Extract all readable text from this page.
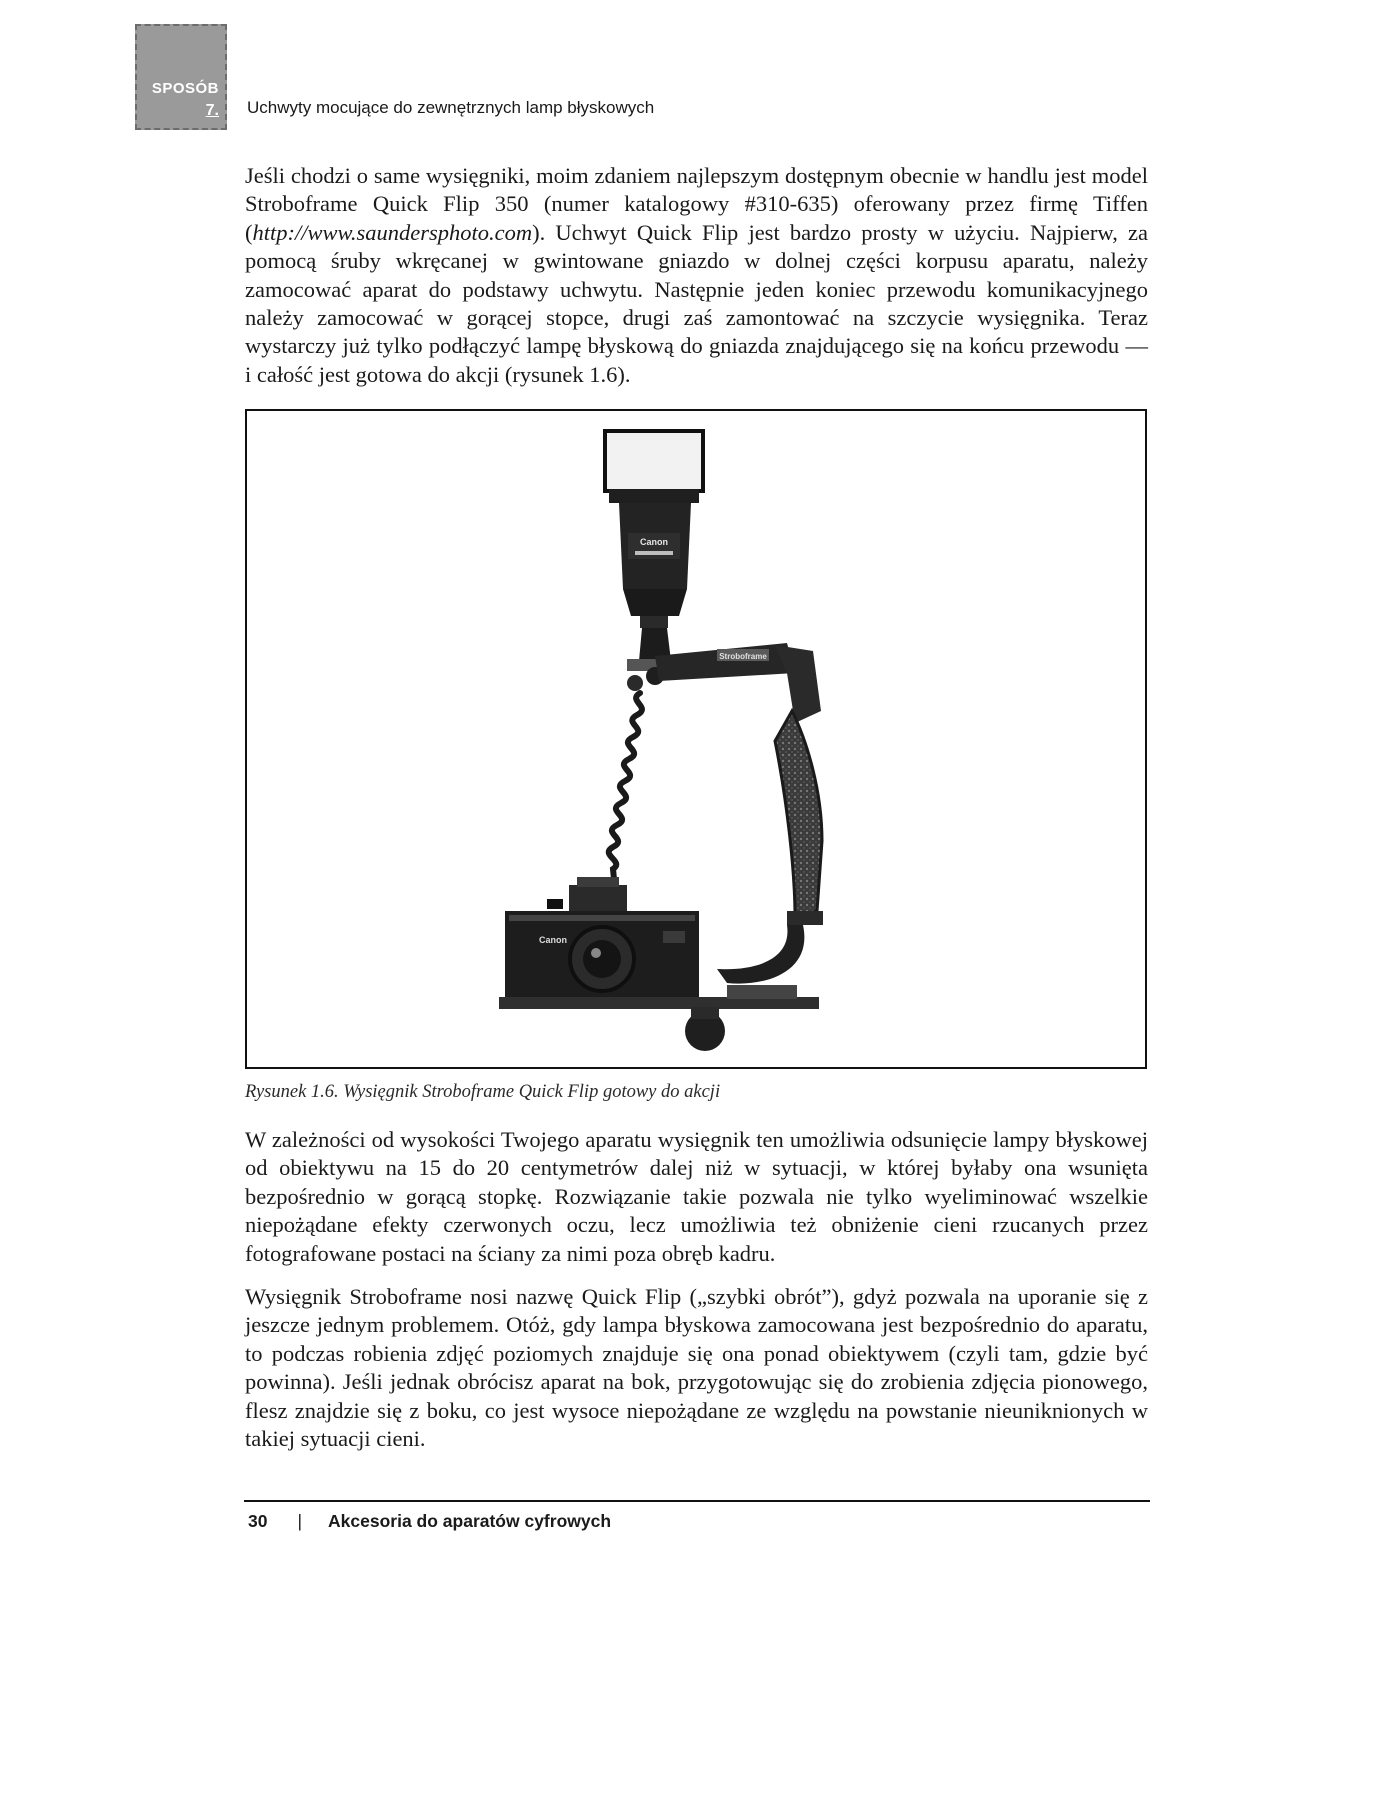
SPOSÓB
7. Uchwyty mocujące do zewnętrznych lamp błyskowych

Jeśli chodzi o same wysięgniki, moim zdaniem najlepszym dostępnym obecnie w handlu jest model Stroboframe Quick Flip 350 (numer katalogowy #310-635) oferowany przez firmę Tiffen (http://www.saundersphoto.com). Uchwyt Quick Flip jest bardzo prosty w użyciu. Najpierw, za pomocą śruby wkręcanej w gwintowane gniazdo w dolnej części korpusu aparatu, należy zamocować aparat do podstawy uchwytu. Następnie jeden koniec przewodu komunikacyjnego należy zamocować w gorącej stopce, drugi zaś zamontować na szczycie wysięgnika. Teraz wystarczy już tylko podłączyć lampę błyskową do gniazda znajdującego się na końcu przewodu — i całość jest gotowa do akcji (rysunek 1.6).

Canon
Stroboframe
Canon
Rysunek 1.6. Wysięgnik Stroboframe Quick Flip gotowy do akcji

W zależności od wysokości Twojego aparatu wysięgnik ten umożliwia odsunięcie lampy błyskowej od obiektywu na 15 do 20 centymetrów dalej niż w sytuacji, w której byłaby ona wsunięta bezpośrednio w gorącą stopkę. Rozwiązanie takie pozwala nie tylko wyeliminować wszelkie niepożądane efekty czerwonych oczu, lecz umożliwia też obniżenie cieni rzucanych przez fotografowane postaci na ściany za nimi poza obręb kadru.

Wysięgnik Stroboframe nosi nazwę Quick Flip („szybki obrót”), gdyż pozwala na uporanie się z jeszcze jednym problemem. Otóż, gdy lampa błyskowa zamocowana jest bezpośrednio do aparatu, to podczas robienia zdjęć poziomych znajduje się ona ponad obiektywem (czyli tam, gdzie być powinna). Jeśli jednak obrócisz aparat na bok, przygotowując się do zrobienia zdjęcia pionowego, flesz znajdzie się z boku, co jest wysoce niepożądane ze względu na powstanie nieuniknionych w takiej sytuacji cieni.

30 | Akcesoria do aparatów cyfrowych
